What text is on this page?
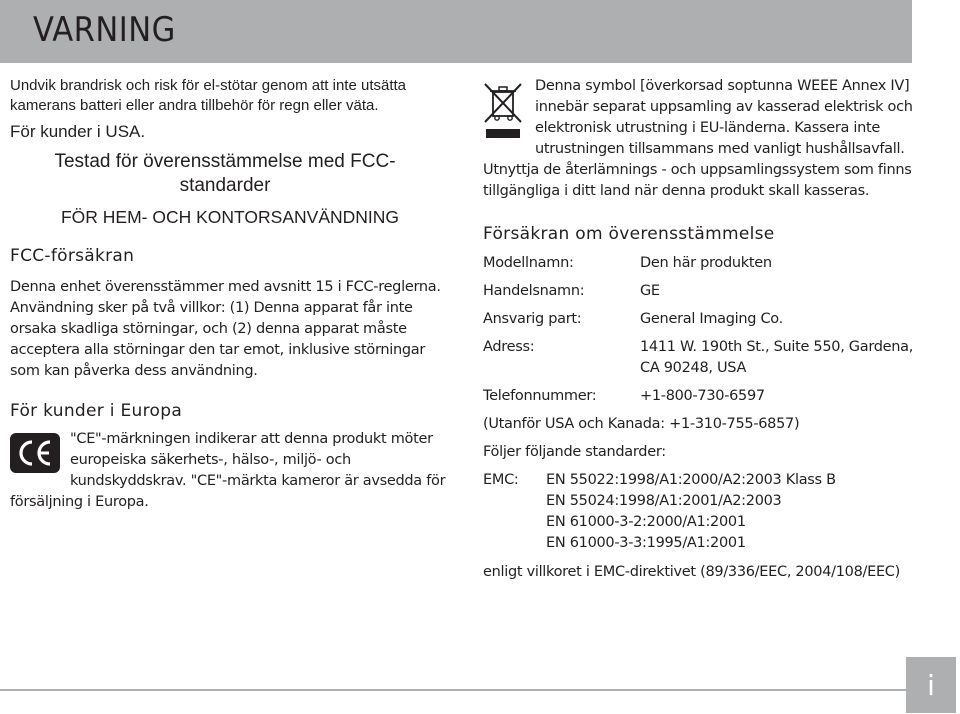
VARNING

Undvik brandrisk och risk för el-stötar genom att inte utsätta kamerans batteri eller andra tillbehör för regn eller väta.

För kunder i USA.

Testad för överensstämmelse med FCC-standarder

FÖR HEM- OCH KONTORSANVÄNDNING

FCC-försäkran

Denna enhet överensstämmer med avsnitt 15 i FCC-reglerna.

Användning sker på två villkor: (1) Denna apparat får inte orsaka skadliga störningar, och (2) denna apparat måste acceptera alla störningar den tar emot, inklusive störningar som kan påverka dess användning.

För kunder i Europa

"CE"-märkningen indikerar att denna produkt möter europeiska säkerhets-, hälso-, miljö- och kundskyddskrav. "CE"-märkta kameror är avsedda för försäljning i Europa.

Denna symbol [överkorsad soptunna WEEE Annex IV] innebär separat uppsamling av kasserad elektrisk och elektronisk utrustning i EU-länderna. Kassera inte utrustningen tillsammans med vanligt hushållsavfall. Utnyttja de återlämnings - och uppsamlingssystem som finns tillgängliga i ditt land när denna produkt skall kasseras.

Försäkran om överensstämmelse

Modellnamn:	Den här produkten
Handelsnamn:	GE
Ansvarig part:	General Imaging Co.
Adress:	1411 W. 190th St., Suite 550, Gardena, CA 90248, USA
Telefonnummer:	+1-800-730-6597
(Utanför USA och Kanada: +1-310-755-6857)
Följer följande standarder:
EMC:	EN 55022:1998/A1:2000/A2:2003 Klass B
EN 55024:1998/A1:2001/A2:2003
EN 61000-3-2:2000/A1:2001
EN 61000-3-3:1995/A1:2001
enligt villkoret i EMC-direktivet (89/336/EEC, 2004/108/EEC)
i
